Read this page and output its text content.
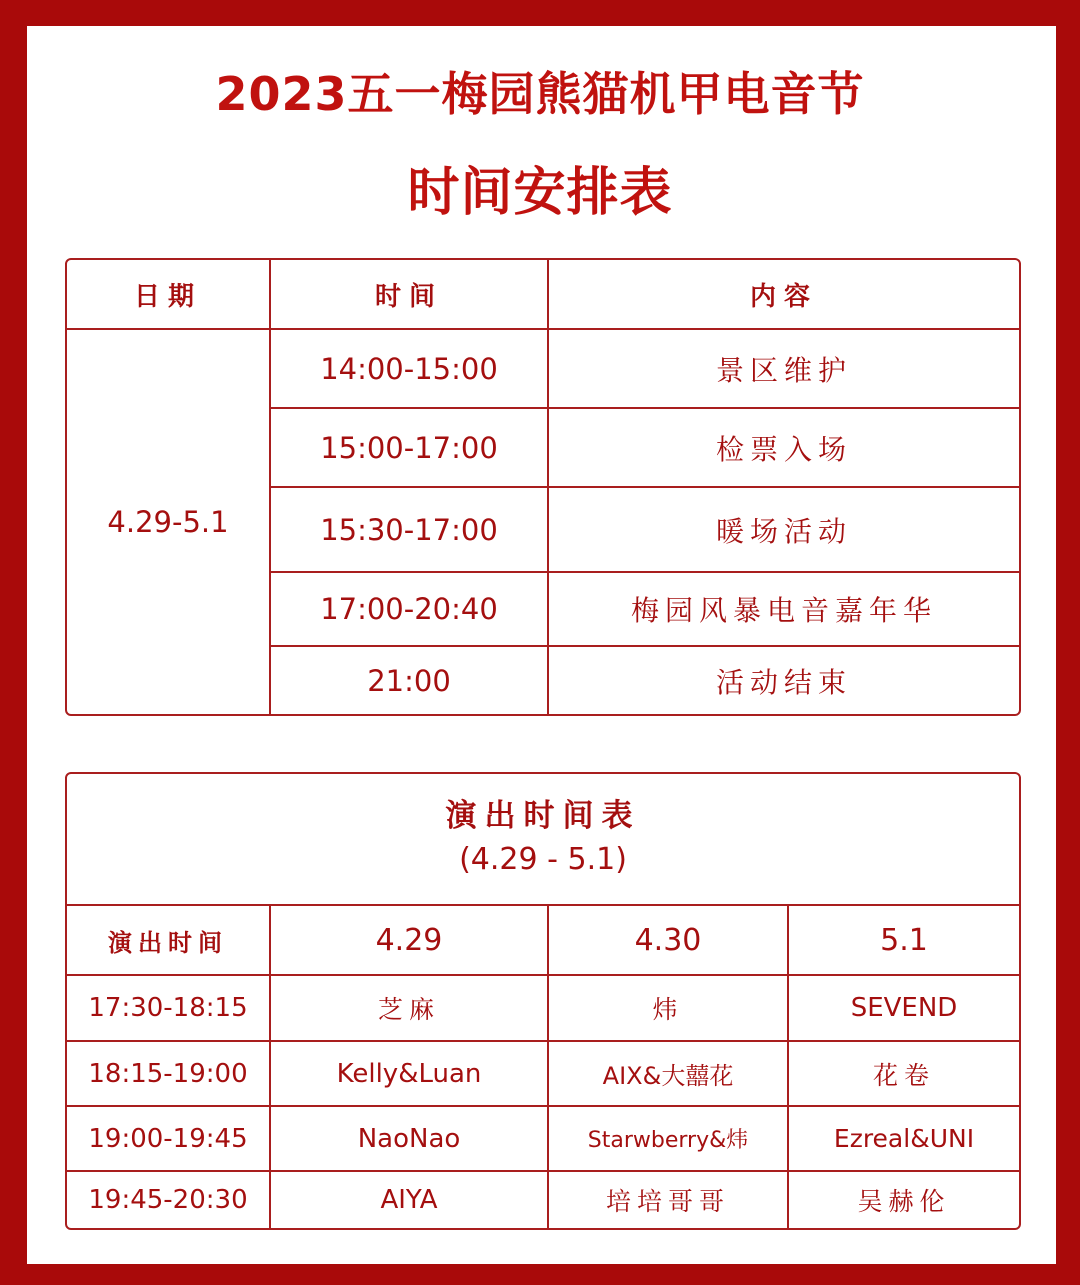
2023五一梅园熊猫机甲电音节
时间安排表
日期	时间	内容
4.29-5.1
14:00-15:00	景区维护
15:00-17:00	检票入场
15:30-17:00	暖场活动
17:00-20:40	梅园风暴电音嘉年华
21:00	活动结束
演出时间表
(4.29 - 5.1)
演出时间	4.29	4.30	5.1
17:30-18:15	芝麻	炜	SEVEND
18:15-19:00	Kelly&Luan	AIX&大囍花	花卷
19:00-19:45	NaoNao	Starwberry&炜	Ezreal&UNI
19:45-20:30	AIYA	培培哥哥	吴赫伦
